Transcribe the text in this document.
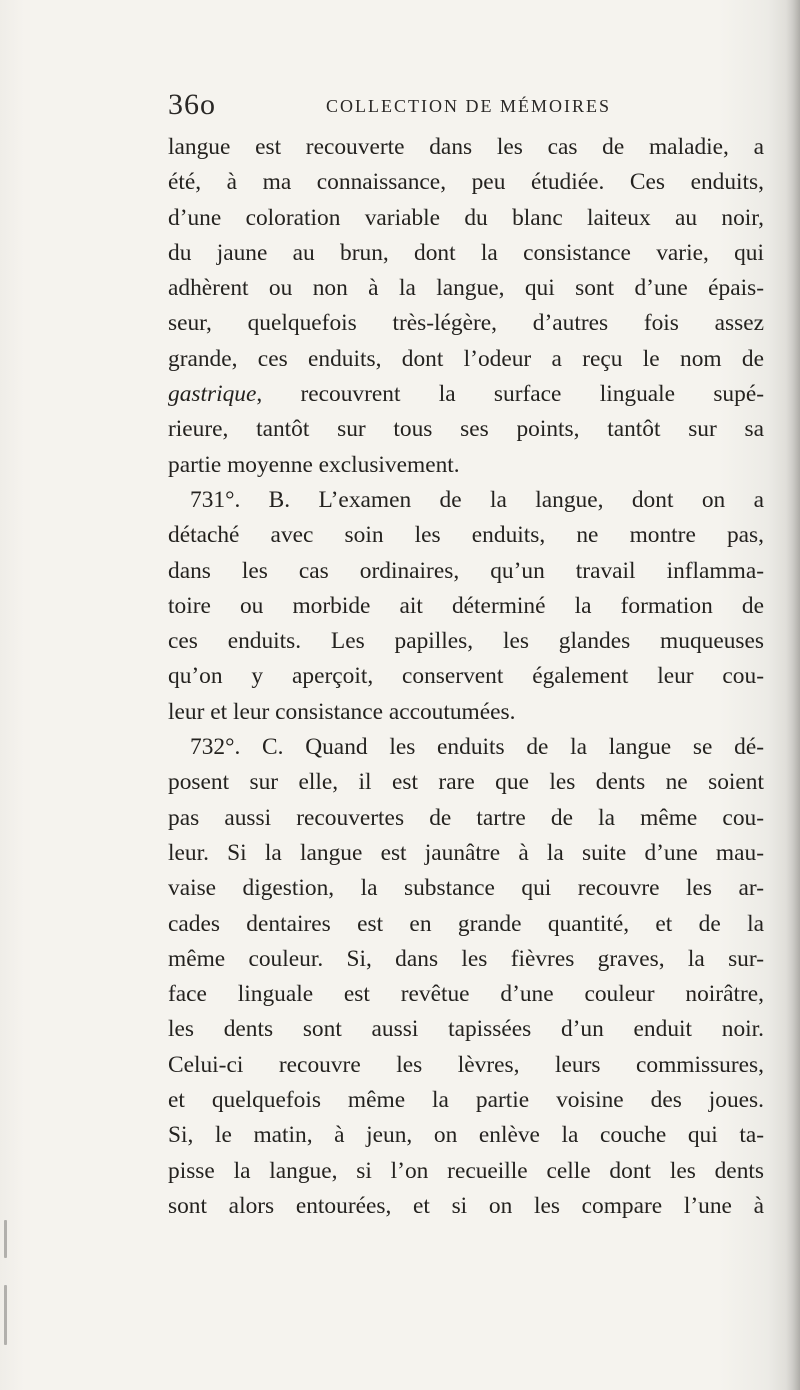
36o	COLLECTION DE MÉMOIRES
langue est recouverte dans les cas de maladie, a
été, à ma connaissance, peu étudiée. Ces enduits,
d’une coloration variable du blanc laiteux au noir,
du jaune au brun, dont la consistance varie, qui
adhèrent ou non à la langue, qui sont d’une épais-
seur, quelquefois très-légère, d’autres fois assez
grande, ces enduits, dont l’odeur a reçu le nom de
gastrique, recouvrent la surface linguale supé-
rieure, tantôt sur tous ses points, tantôt sur sa
partie moyenne exclusivement.
731°. B. L’examen de la langue, dont on a
détaché avec soin les enduits, ne montre pas,
dans les cas ordinaires, qu’un travail inflamma-
toire ou morbide ait déterminé la formation de
ces enduits. Les papilles, les glandes muqueuses
qu’on y aperçoit, conservent également leur cou-
leur et leur consistance accoutumées.
732°. C. Quand les enduits de la langue se dé-
posent sur elle, il est rare que les dents ne soient
pas aussi recouvertes de tartre de la même cou-
leur. Si la langue est jaunâtre à la suite d’une mau-
vaise digestion, la substance qui recouvre les ar-
cades dentaires est en grande quantité, et de la
même couleur. Si, dans les fièvres graves, la sur-
face linguale est revêtue d’une couleur noirâtre,
les dents sont aussi tapissées d’un enduit noir.
Celui-ci recouvre les lèvres, leurs commissures,
et quelquefois même la partie voisine des joues.
Si, le matin, à jeun, on enlève la couche qui ta-
pisse la langue, si l’on recueille celle dont les dents
sont alors entourées, et si on les compare l’une à
